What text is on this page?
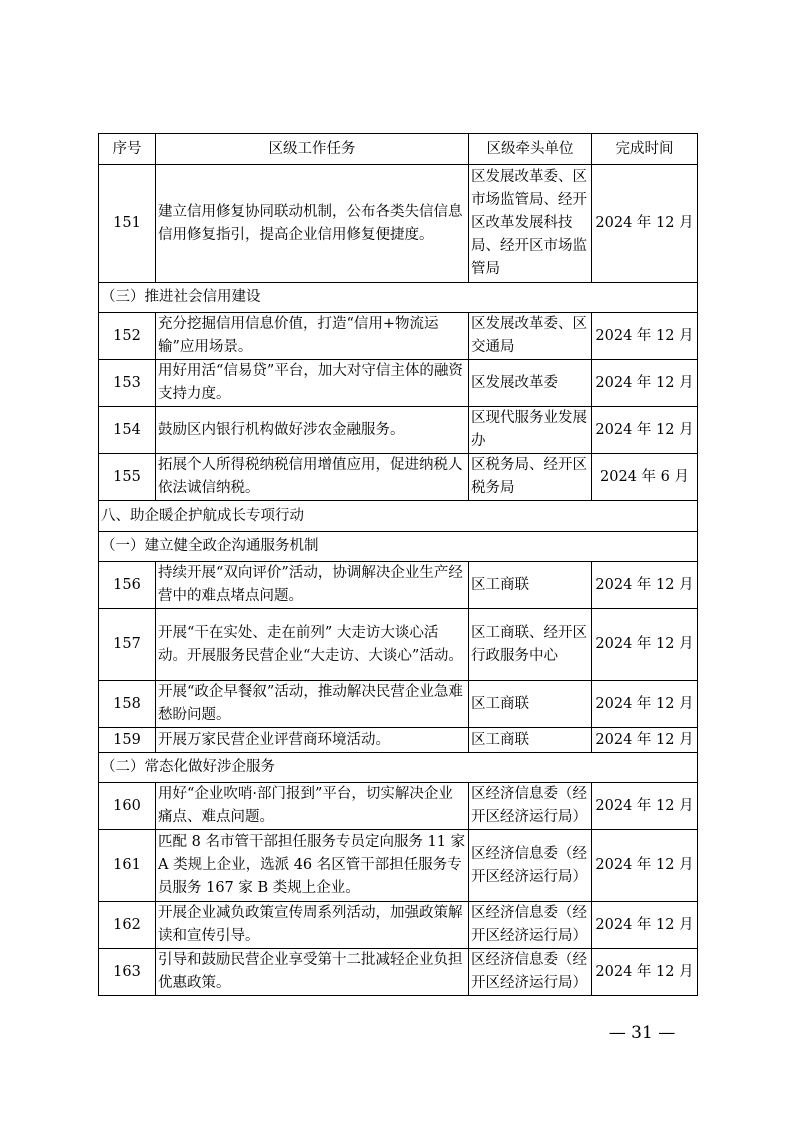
序号	区级工作任务	区级牵头单位	完成时间
151	建立信用修复协同联动机制，公布各类失信信息信用修复指引，提高企业信用修复便捷度。	区发展改革委、区市场监管局、经开区改革发展科技局、经开区市场监管局	2024 年 12 月
（三）推进社会信用建设			
152	充分挖掘信用信息价值，打造“信用+物流运输”应用场景。	区发展改革委、区交通局	2024 年 12 月
153	用好用活“信易贷”平台，加大对守信主体的融资支持力度。	区发展改革委	2024 年 12 月
154	鼓励区内银行机构做好涉农金融服务。	区现代服务业发展办	2024 年 12 月
155	拓展个人所得税纳税信用增值应用，促进纳税人依法诚信纳税。	区税务局、经开区税务局	2024 年 6 月
八、助企暖企护航成长专项行动			
（一）建立健全政企沟通服务机制			
156	持续开展“双向评价”活动，协调解决企业生产经营中的难点堵点问题。	区工商联	2024 年 12 月
157	开展“干在实处、走在前列” 大走访大谈心活动。开展服务民营企业“大走访、大谈心”活动。	区工商联、经开区行政服务中心	2024 年 12 月
158	开展“政企早餐叙”活动，推动解决民营企业急难愁盼问题。	区工商联	2024 年 12 月
159	开展万家民营企业评营商环境活动。	区工商联	2024 年 12 月
（二）常态化做好涉企服务			
160	用好“企业吹哨·部门报到”平台，切实解决企业痛点、难点问题。	区经济信息委（经开区经济运行局）	2024 年 12 月
161	匹配 8 名市管干部担任服务专员定向服务 11 家 A 类规上企业，选派 46 名区管干部担任服务专员服务 167 家 B 类规上企业。	区经济信息委（经开区经济运行局）	2024 年 12 月
162	开展企业减负政策宣传周系列活动，加强政策解读和宣传引导。	区经济信息委（经开区经济运行局）	2024 年 12 月
163	引导和鼓励民营企业享受第十二批减轻企业负担优惠政策。	区经济信息委（经开区经济运行局）	2024 年 12 月
— 31 —
